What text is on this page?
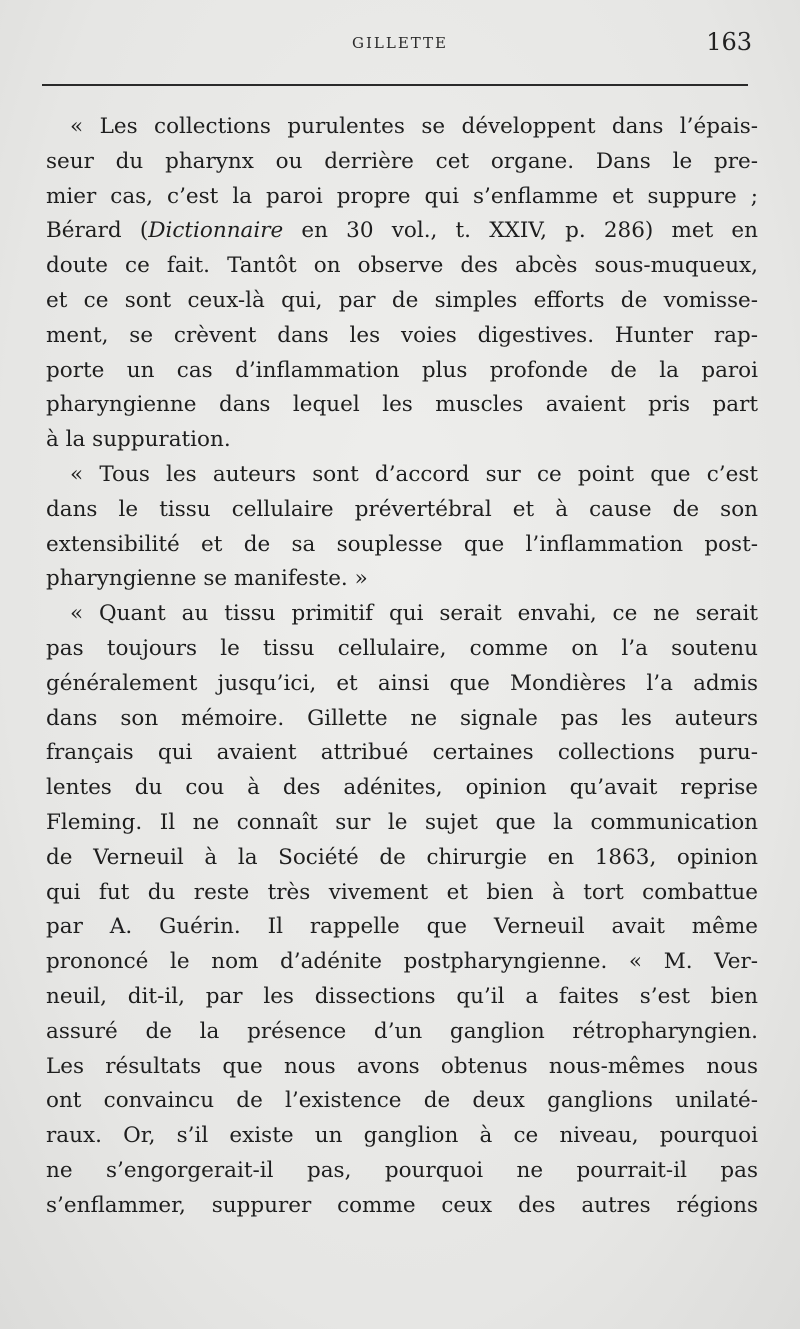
GILLETTE	163
« Les collections purulentes se développent dans l’épais-
seur du pharynx ou derrière cet organe. Dans le pre-
mier cas, c’est la paroi propre qui s’enflamme et suppure ;
Bérard (Dictionnaire en 30 vol., t. XXIV, p. 286) met en
doute ce fait. Tantôt on observe des abcès sous-muqueux,
et ce sont ceux-là qui, par de simples efforts de vomisse-
ment, se crèvent dans les voies digestives. Hunter rap-
porte un cas d’inflammation plus profonde de la paroi
pharyngienne dans lequel les muscles avaient pris part
à la suppuration.
« Tous les auteurs sont d’accord sur ce point que c’est
dans le tissu cellulaire prévertébral et à cause de son
extensibilité et de sa souplesse que l’inflammation post-
pharyngienne se manifeste. »
« Quant au tissu primitif qui serait envahi, ce ne serait
pas toujours le tissu cellulaire, comme on l’a soutenu
généralement jusqu’ici, et ainsi que Mondières l’a admis
dans son mémoire. Gillette ne signale pas les auteurs
français qui avaient attribué certaines collections puru-
lentes du cou à des adénites, opinion qu’avait reprise
Fleming. Il ne connaît sur le sujet que la communication
de Verneuil à la Société de chirurgie en 1863, opinion
qui fut du reste très vivement et bien à tort combattue
par A. Guérin. Il rappelle que Verneuil avait même
prononcé le nom d’adénite postpharyngienne. « M. Ver-
neuil, dit-il, par les dissections qu’il a faites s’est bien
assuré de la présence d’un ganglion rétropharyngien.
Les résultats que nous avons obtenus nous-mêmes nous
ont convaincu de l’existence de deux ganglions unilaté-
raux. Or, s’il existe un ganglion à ce niveau, pourquoi
ne s’engorgerait-il pas, pourquoi ne pourrait-il pas
s’enflammer, suppurer comme ceux des autres régions
